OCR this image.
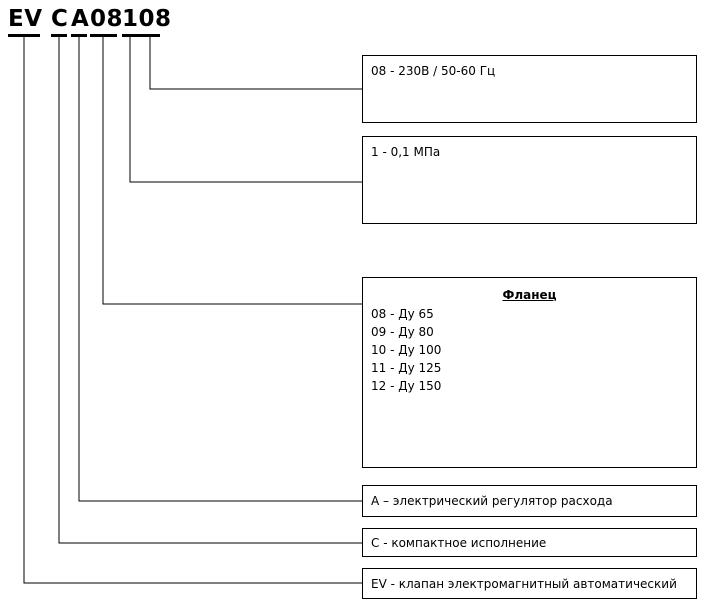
EV C A 08
108
08 - 230В / 50-60 Гц
1 - 0,1 МПа
Фланец
08 - Ду 65
09 - Ду 80
10 - Ду 100
11 - Ду 125
12 - Ду 150
А – электрический регулятор расхода
С - компактное исполнение
EV - клапан электромагнитный автоматический
